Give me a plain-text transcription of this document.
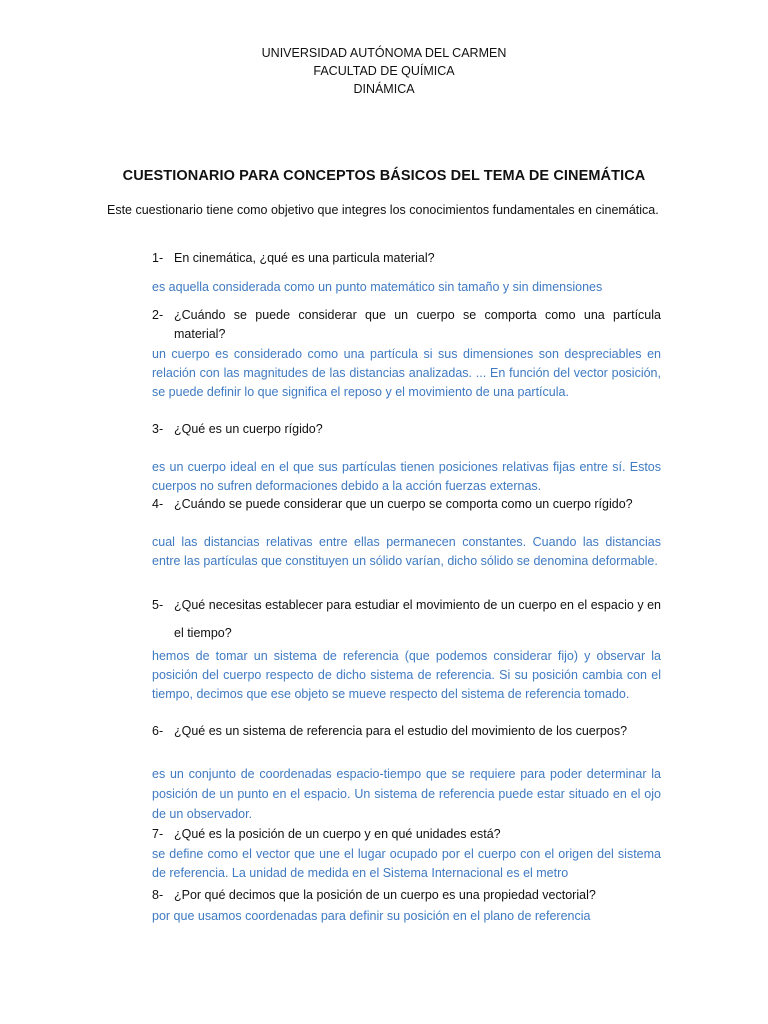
UNIVERSIDAD AUTÓNOMA DEL CARMEN
FACULTAD DE QUÍMICA
DINÁMICA
CUESTIONARIO PARA CONCEPTOS BÁSICOS DEL TEMA DE CINEMÁTICA
Este cuestionario tiene como objetivo que integres los conocimientos fundamentales en cinemática.
1- En cinemática, ¿qué es una particula material?
es aquella considerada como un punto matemático sin tamaño y sin dimensiones
2- ¿Cuándo se puede considerar que un cuerpo se comporta como una partícula material?
un cuerpo es considerado como una partícula si sus dimensiones son despreciables en relación con las magnitudes de las distancias analizadas. ... En función del vector posición, se puede definir lo que significa el reposo y el movimiento de una partícula.
3- ¿Qué es un cuerpo rígido?
es un cuerpo ideal en el que sus partículas tienen posiciones relativas fijas entre sí. Estos cuerpos no sufren deformaciones debido a la acción fuerzas externas.
4- ¿Cuándo se puede considerar que un cuerpo se comporta como un cuerpo rígido?
cual las distancias relativas entre ellas permanecen constantes. Cuando las distancias entre las partículas que constituyen un sólido varían, dicho sólido se denomina deformable.
5- ¿Qué necesitas establecer para estudiar el movimiento de un cuerpo en el espacio y en el tiempo?
hemos de tomar un sistema de referencia (que podemos considerar fijo) y observar la posición del cuerpo respecto de dicho sistema de referencia. Si su posición cambia con el tiempo, decimos que ese objeto se mueve respecto del sistema de referencia tomado.
6- ¿Qué es un sistema de referencia para el estudio del movimiento de los cuerpos?
es un conjunto de coordenadas espacio-tiempo que se requiere para poder determinar la posición de un punto en el espacio. Un sistema de referencia puede estar situado en el ojo de un observador.
7- ¿Qué es la posición de un cuerpo y en qué unidades está?
se define como el vector que une el lugar ocupado por el cuerpo con el origen del sistema de referencia. La unidad de medida en el Sistema Internacional es el metro
8- ¿Por qué decimos que la posición de un cuerpo es una propiedad vectorial?
por que usamos coordenadas para definir su posición en el plano de referencia
